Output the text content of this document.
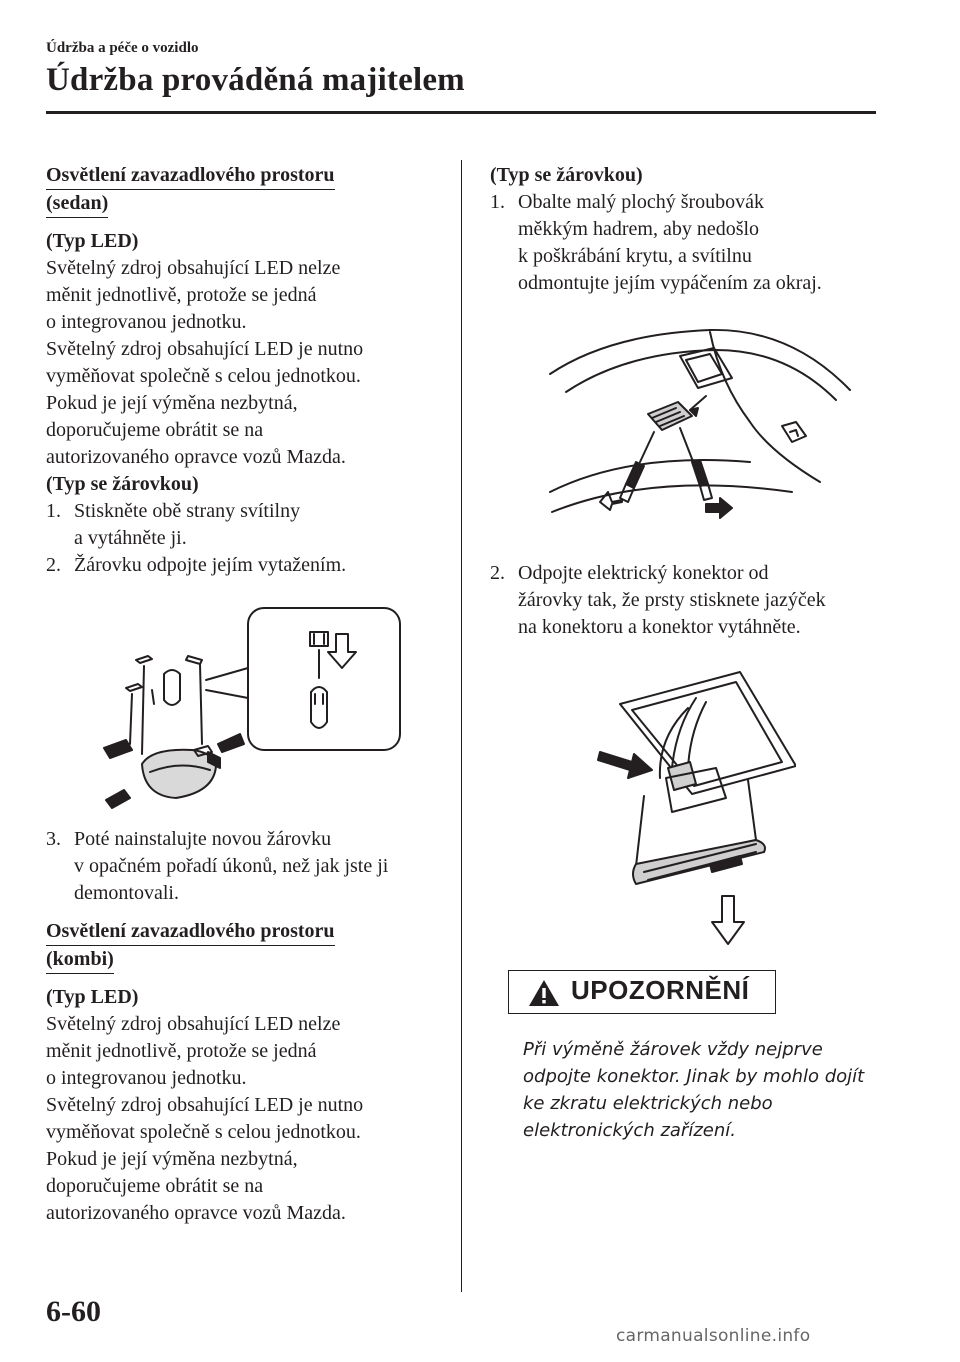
Údržba a péče o vozidlo
Údržba prováděná majitelem
Osvětlení zavazadlového prostoru
(sedan)

(Typ LED)

Světelný zdroj obsahující LED nelze

měnit jednotlivě, protože se jedná

o integrovanou jednotku.

Světelný zdroj obsahující LED je nutno

vyměňovat společně s celou jednotkou.

Pokud je její výměna nezbytná,

doporučujeme obrátit se na

autorizovaného opravce vozů Mazda.

(Typ se žárovkou)

1. Stiskněte obě strany svítilny

a vytáhněte ji.

2. Žárovku odpojte jejím vytažením.

3. Poté nainstalujte novou žárovku

v opačném pořadí úkonů, než jak jste ji

demontovali.

Osvětlení zavazadlového prostoru
(kombi)

(Typ LED)

Světelný zdroj obsahující LED nelze

měnit jednotlivě, protože se jedná

o integrovanou jednotku.

Světelný zdroj obsahující LED je nutno

vyměňovat společně s celou jednotkou.

Pokud je její výměna nezbytná,

doporučujeme obrátit se na

autorizovaného opravce vozů Mazda.

(Typ se žárovkou)

1. Obalte malý plochý šroubovák

měkkým hadrem, aby nedošlo

k poškrábání krytu, a svítilnu

odmontujte jejím vypáčením za okraj.

2. Odpojte elektrický konektor od

žárovky tak, že prsty stisknete jazýček

na konektoru a konektor vytáhněte.

UPOZORNĚNÍ
Při výměně žárovek vždy nejprve
odpojte konektor. Jinak by mohlo dojít
ke zkratu elektrických nebo
elektronických zařízení.
6-60
carmanualsonline.info
